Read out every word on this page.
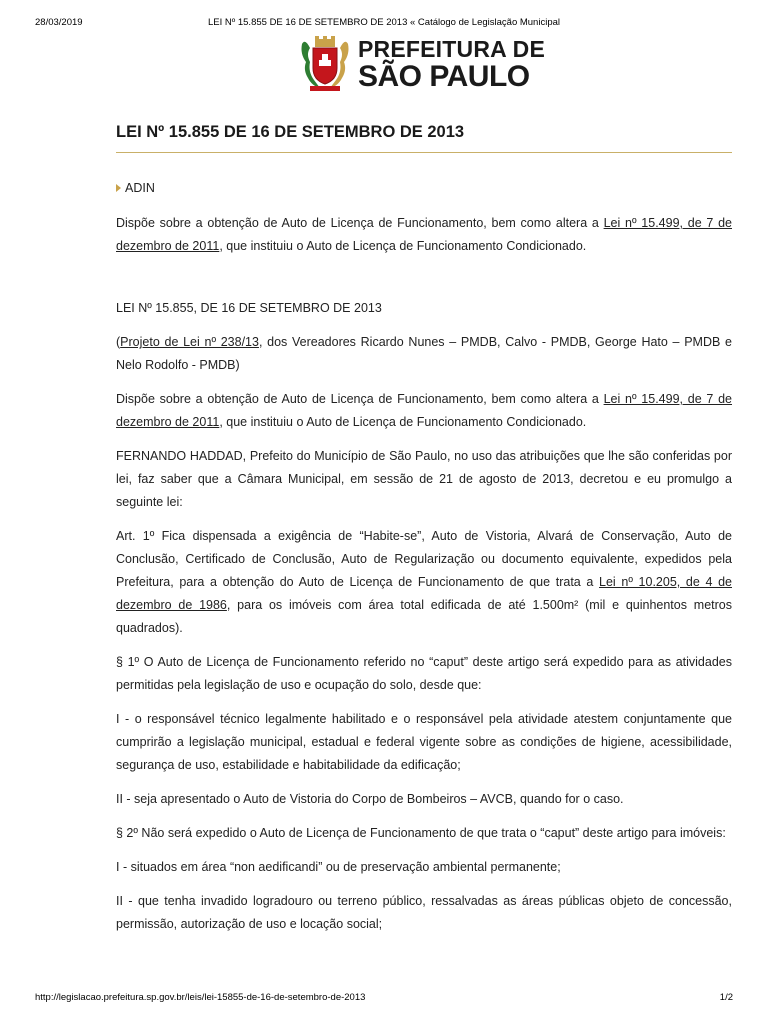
28/03/2019	LEI Nº 15.855 DE 16 DE SETEMBRO DE 2013 « Catálogo de Legislação Municipal
PREFEITURA DE
SÃO PAULO
LEI Nº 15.855 DE 16 DE SETEMBRO DE 2013
ADIN

Dispõe sobre a obtenção de Auto de Licença de Funcionamento, bem como altera a Lei nº 15.499, de 7 de dezembro de 2011, que instituiu o Auto de Licença de Funcionamento Condicionado.

LEI Nº 15.855, DE 16 DE SETEMBRO DE 2013

(Projeto de Lei nº 238/13, dos Vereadores Ricardo Nunes – PMDB, Calvo - PMDB, George Hato – PMDB e Nelo Rodolfo - PMDB)

Dispõe sobre a obtenção de Auto de Licença de Funcionamento, bem como altera a Lei nº 15.499, de 7 de dezembro de 2011, que instituiu o Auto de Licença de Funcionamento Condicionado.

FERNANDO HADDAD, Prefeito do Município de São Paulo, no uso das atribuições que lhe são conferidas por lei, faz saber que a Câmara Municipal, em sessão de 21 de agosto de 2013, decretou e eu promulgo a seguinte lei:

Art. 1º Fica dispensada a exigência de “Habite-se”, Auto de Vistoria, Alvará de Conservação, Auto de Conclusão, Certificado de Conclusão, Auto de Regularização ou documento equivalente, expedidos pela Prefeitura, para a obtenção do Auto de Licença de Funcionamento de que trata a Lei nº 10.205, de 4 de dezembro de 1986, para os imóveis com área total edificada de até 1.500m² (mil e quinhentos metros quadrados).

§ 1º O Auto de Licença de Funcionamento referido no “caput” deste artigo será expedido para as atividades permitidas pela legislação de uso e ocupação do solo, desde que:

I - o responsável técnico legalmente habilitado e o responsável pela atividade atestem conjuntamente que cumprirão a legislação municipal, estadual e federal vigente sobre as condições de higiene, acessibilidade, segurança de uso, estabilidade e habitabilidade da edificação;

II - seja apresentado o Auto de Vistoria do Corpo de Bombeiros – AVCB, quando for o caso.

§ 2º Não será expedido o Auto de Licença de Funcionamento de que trata o “caput” deste artigo para imóveis:

I - situados em área “non aedificandi” ou de preservação ambiental permanente;

II - que tenha invadido logradouro ou terreno público, ressalvadas as áreas públicas objeto de concessão, permissão, autorização de uso e locação social;

http://legislacao.prefeitura.sp.gov.br/leis/lei-15855-de-16-de-setembro-de-2013	1/2
